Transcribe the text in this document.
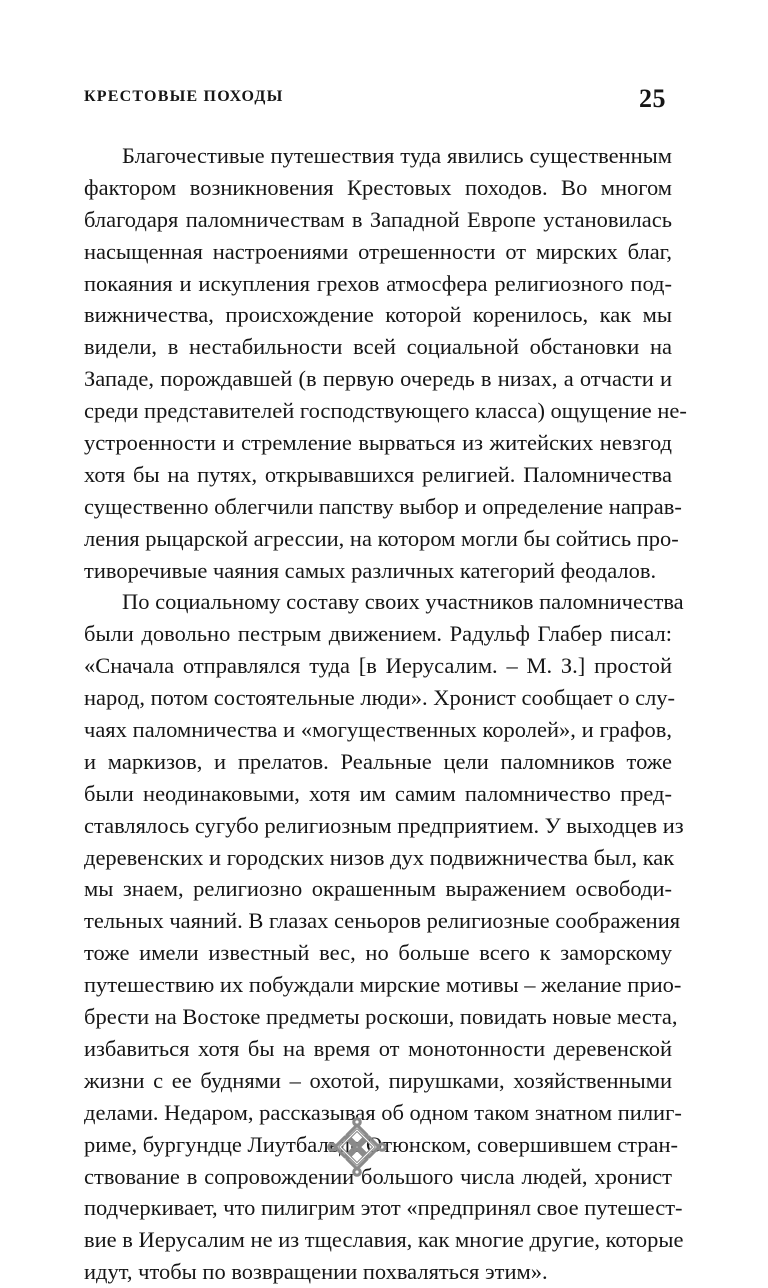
КРЕСТОВЫЕ ПОХОДЫ	25
Благочестивые путешествия туда явились существенным
фактором возникновения Крестовых походов. Во многом
благодаря паломничествам в Западной Европе установилась
насыщенная настроениями отрешенности от мирских благ,
покаяния и искупления грехов атмосфера религиозного под-
вижничества, происхождение которой коренилось, как мы
видели, в нестабильности всей социальной обстановки на
Западе, порождавшей (в первую очередь в низах, а отчасти и
среди представителей господствующего класса) ощущение не-
устроенности и стремление вырваться из житейских невзгод
хотя бы на путях, открывавшихся религией. Паломничества
существенно облегчили папству выбор и определение направ-
ления рыцарской агрессии, на котором могли бы сойтись про-
тиворечивые чаяния самых различных категорий феодалов.
По социальному составу своих участников паломничества
были довольно пестрым движением. Радульф Глабер писал:
«Сначала отправлялся туда [в Иерусалим. – М. З.] простой
народ, потом состоятельные люди». Хронист сообщает о слу-
чаях паломничества и «могущественных королей», и графов,
и маркизов, и прелатов. Реальные цели паломников тоже
были неодинаковыми, хотя им самим паломничество пред-
ставлялось сугубо религиозным предприятием. У выходцев из
деревенских и городских низов дух подвижничества был, как
мы знаем, религиозно окрашенным выражением освободи-
тельных чаяний. В глазах сеньоров религиозные соображения
тоже имели известный вес, но больше всего к заморскому
путешествию их побуждали мирские мотивы – желание прио-
брести на Востоке предметы роскоши, повидать новые места,
избавиться хотя бы на время от монотонности деревенской
жизни с ее буднями – охотой, пирушками, хозяйственными
делами. Недаром, рассказывая об одном таком знатном пилиг-
риме, бургундце Лиутбальде Отюнском, совершившем стран-
ствование в сопровождении большого числа людей, хронист
подчеркивает, что пилигрим этот «предпринял свое путешест-
вие в Иерусалим не из тщеславия, как многие другие, которые
идут, чтобы по возвращении похваляться этим».
